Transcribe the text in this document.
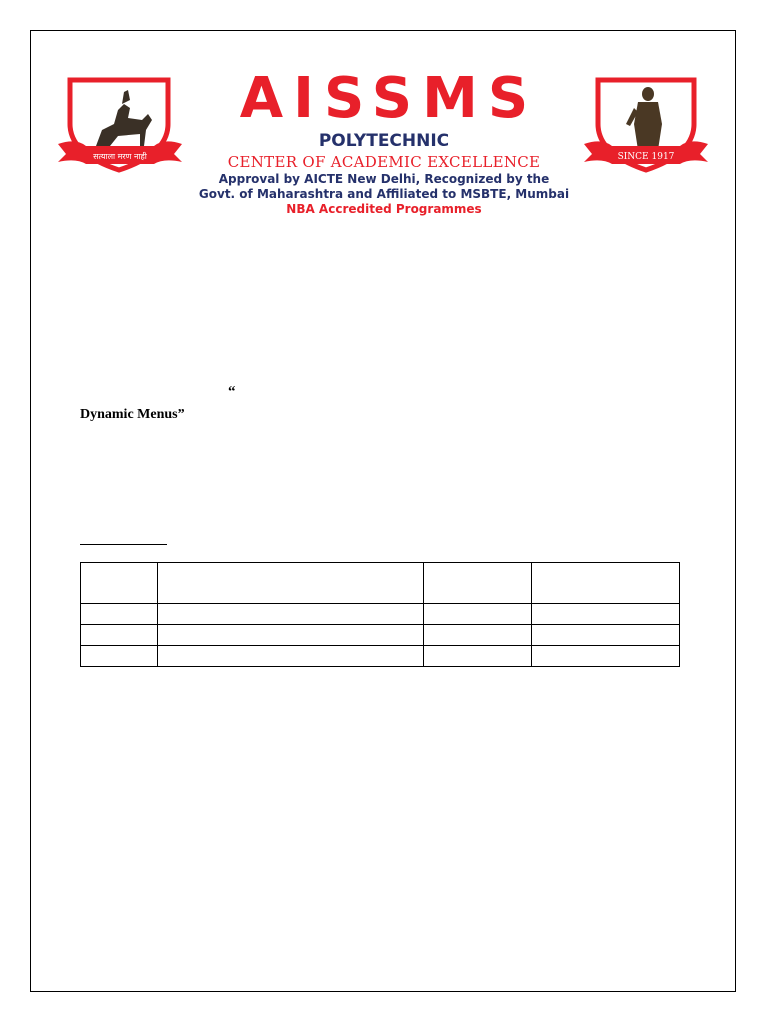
सत्याला मरण नाही	SINCE 1917
AISSMS
POLYTECHNIC
CENTER OF ACADEMIC EXCELLENCE
Approval by AICTE New Delhi, Recognized by the
Govt. of Maharashtra and Affiliated to MSBTE, Mumbai
NBA Accredited Programmes
“
Dynamic Menus”
